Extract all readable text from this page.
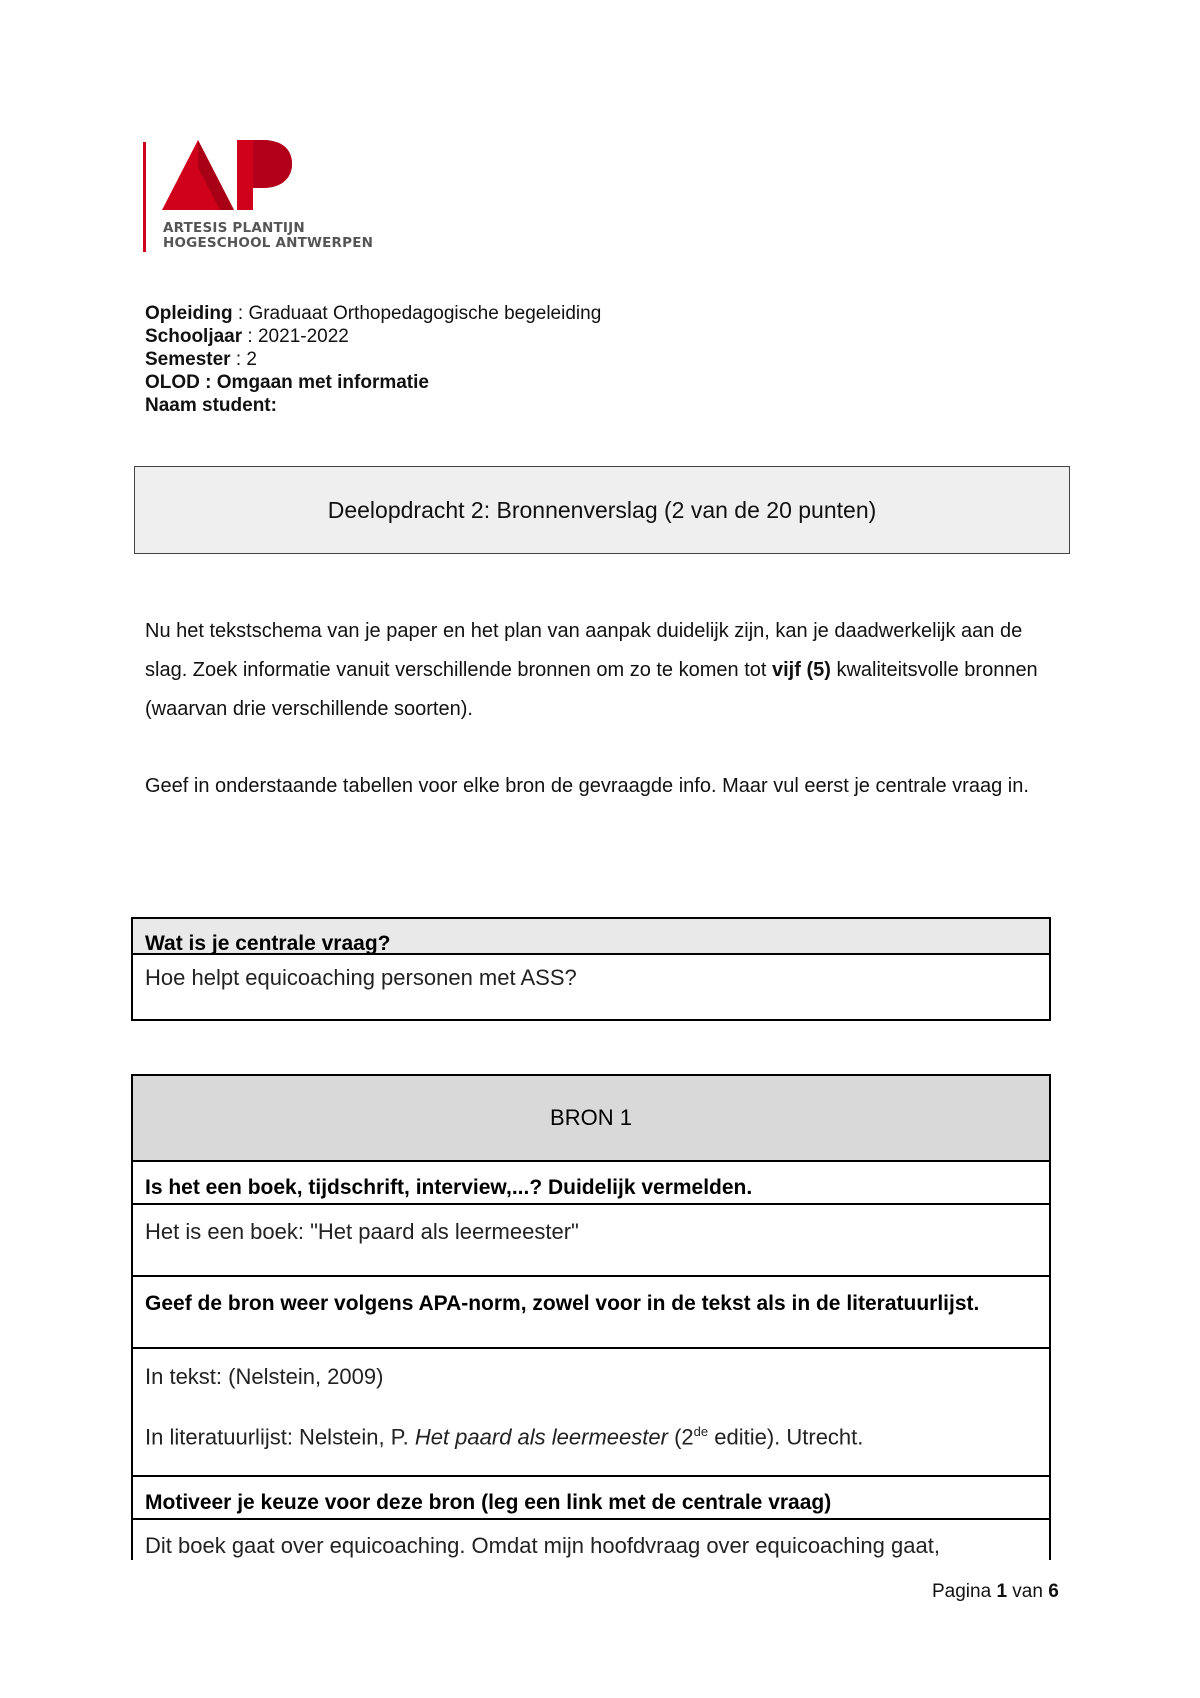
ARTESIS PLANTIJN
HOGESCHOOL ANTWERPEN
Opleiding : Graduaat Orthopedagogische begeleiding
Schooljaar : 2021-2022
Semester : 2
OLOD : Omgaan met informatie
Naam student:
Deelopdracht 2: Bronnenverslag (2 van de 20 punten)

Nu het tekstschema van je paper en het plan van aanpak duidelijk zijn, kan je daadwerkelijk aan de slag. Zoek informatie vanuit verschillende bronnen om zo te komen tot vijf (5) kwaliteitsvolle bronnen (waarvan drie verschillende soorten).

Geef in onderstaande tabellen voor elke bron de gevraagde info. Maar vul eerst je centrale vraag in.

Wat is je centrale vraag?
Hoe helpt equicoaching personen met ASS?
BRON 1
Is het een boek, tijdschrift, interview,...? Duidelijk vermelden.
Het is een boek: "Het paard als leermeester"
Geef de bron weer volgens APA-norm, zowel voor in de tekst als in de literatuurlijst.
In tekst: (Nelstein, 2009)
In literatuurlijst: Nelstein, P. Het paard als leermeester (2de editie). Utrecht.
Motiveer je keuze voor deze bron (leg een link met de centrale vraag)
Dit boek gaat over equicoaching. Omdat mijn hoofdvraag over equicoaching gaat,
Pagina 1 van 6
